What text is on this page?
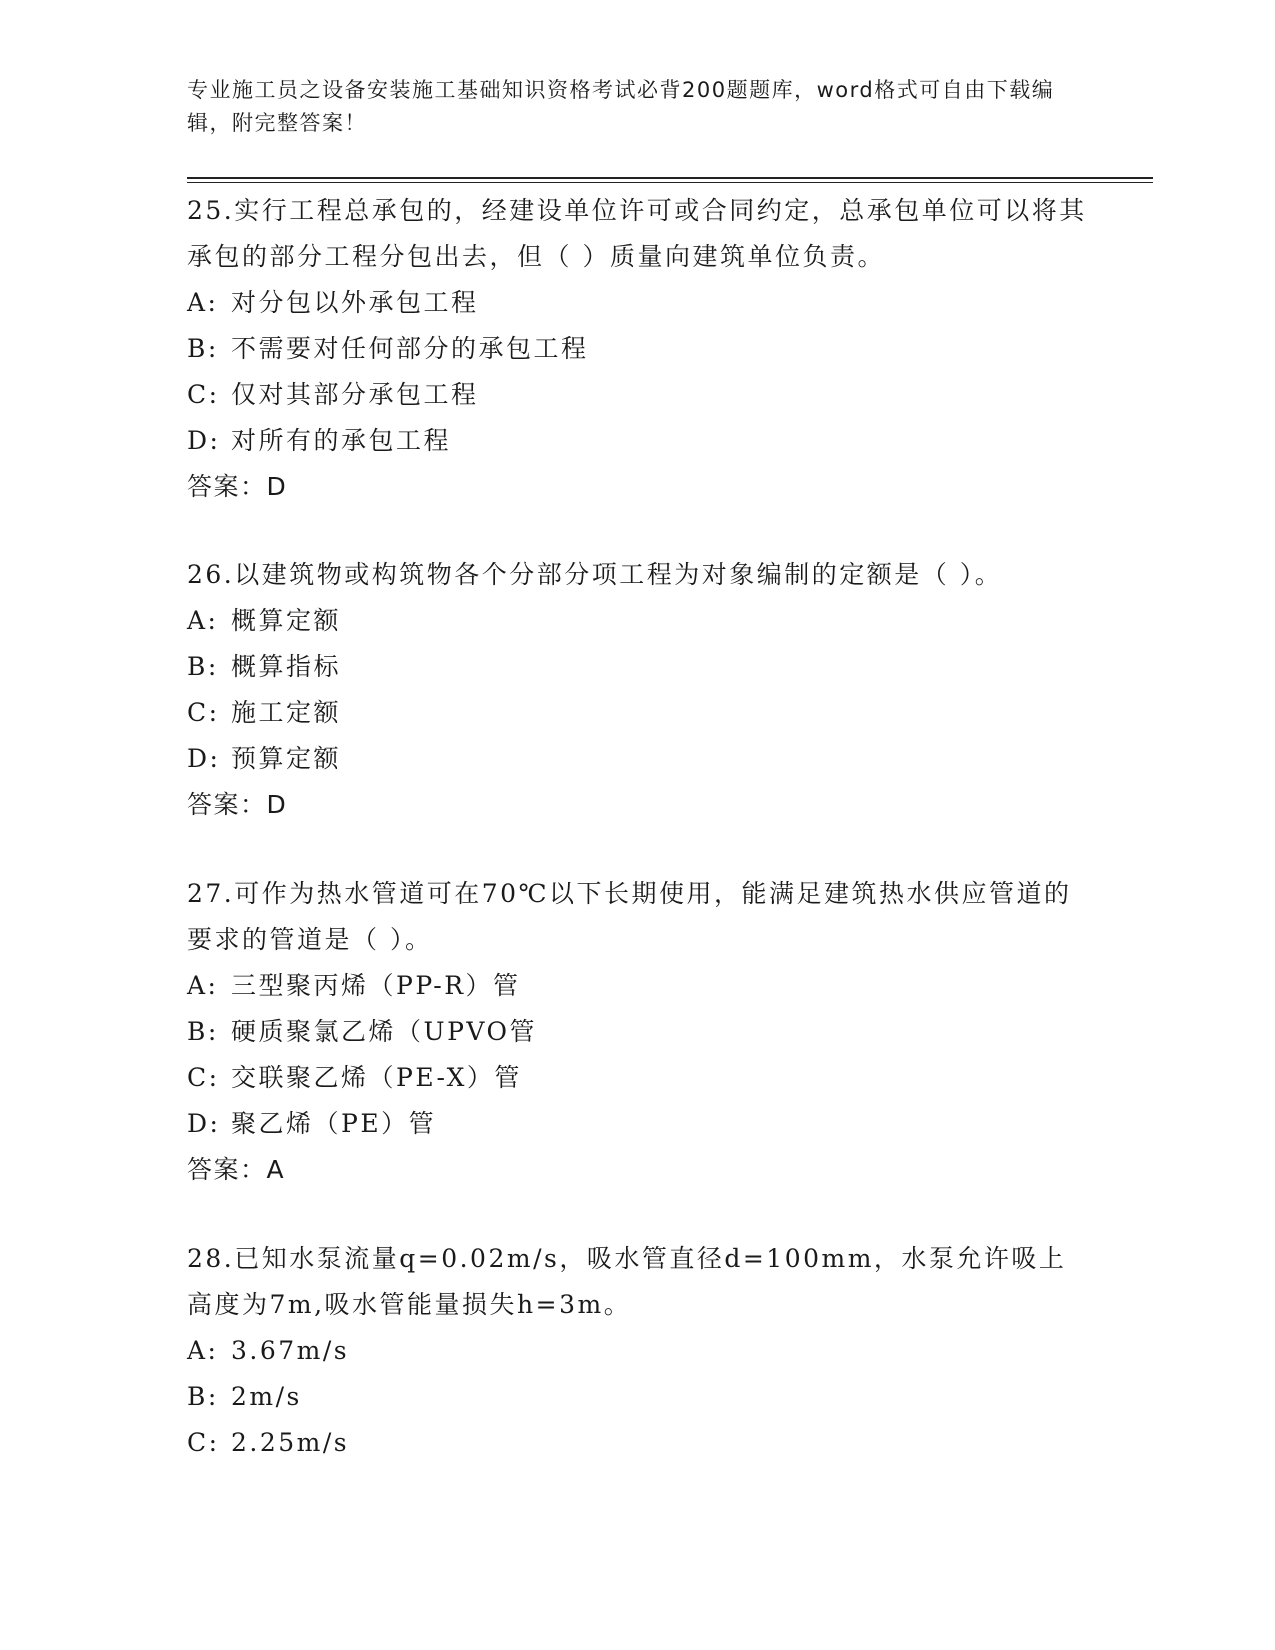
专业施工员之设备安装施工基础知识资格考试必背200题题库，word格式可自由下载编辑，附完整答案！

25.实行工程总承包的，经建设单位许可或合同约定，总承包单位可以将其承包的部分工程分包出去，但（ ）质量向建筑单位负责。

A: 对分包以外承包工程

B: 不需要对任何部分的承包工程

C: 仅对其部分承包工程

D: 对所有的承包工程

答案：D

26.以建筑物或构筑物各个分部分项工程为对象编制的定额是（ ）。

A: 概算定额

B: 概算指标

C: 施工定额

D: 预算定额

答案：D

27.可作为热水管道可在70℃以下长期使用，能满足建筑热水供应管道的要求的管道是（ ）。

A: 三型聚丙烯（PP-R）管

B: 硬质聚氯乙烯（UPVO管

C: 交联聚乙烯（PE-X）管

D: 聚乙烯（PE）管

答案：A

28.已知水泵流量q=0.02m/s，吸水管直径d=100mm，水泵允许吸上高度为7m,吸水管能量损失h=3m。

A: 3.67m/s

B: 2m/s

C: 2.25m/s
